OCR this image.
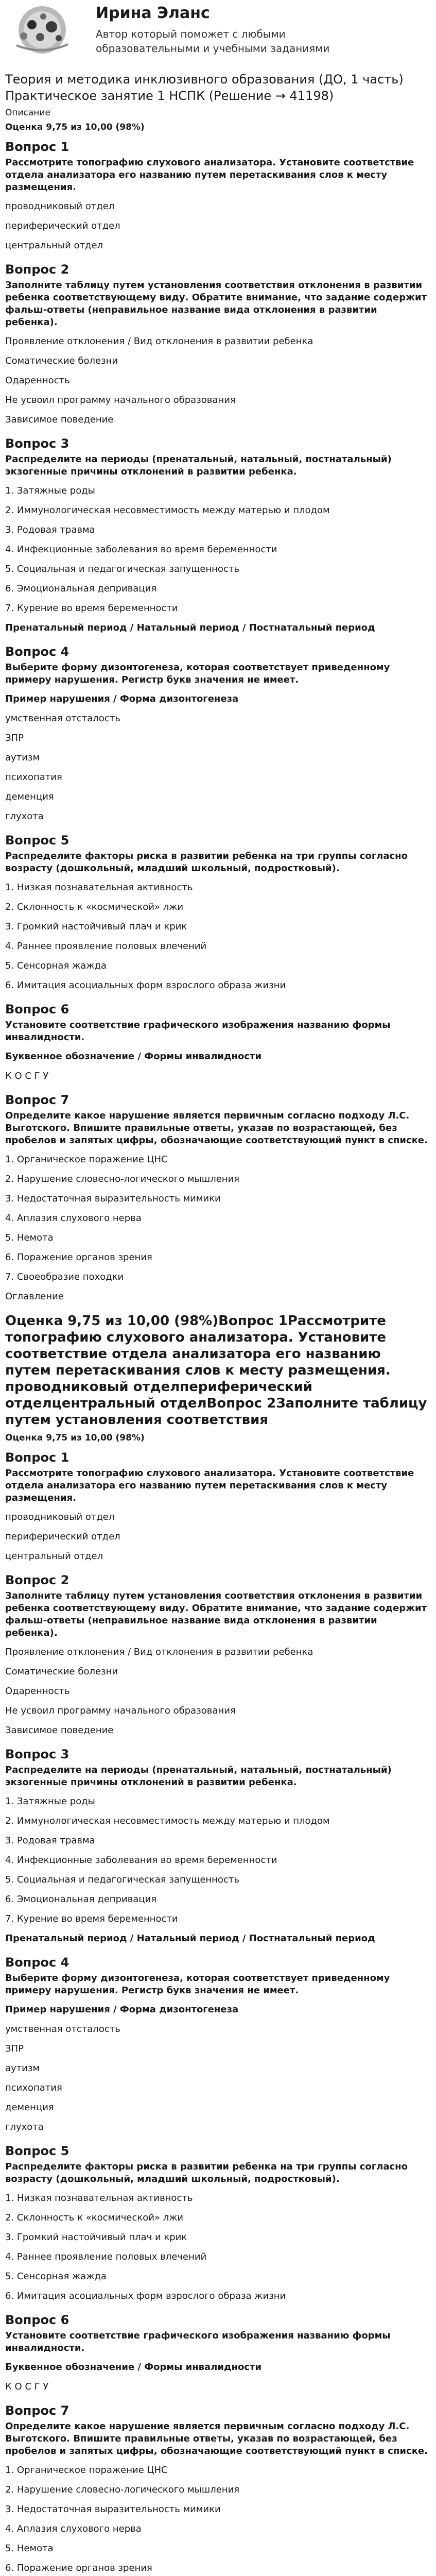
Ирина Эланс
Автор который поможет с любыми образовательными и учебными заданиями
Теория и методика инклюзивного образования (ДО, 1 часть) Практическое занятие 1 НСПК (Решение → 41198)
Описание
Оценка 9,75 из 10,00 (98%)
Вопрос 1
Рассмотрите топографию слухового анализатора. Установите соответствие отдела анализатора его названию путем перетаскивания слов к месту размещения.
проводниковый отдел
периферический отдел
центральный отдел
Вопрос 2
Заполните таблицу путем установления соответствия отклонения в развитии ребенка соответствующему виду. Обратите внимание, что задание содержит фальш-ответы (неправильное название вида отклонения в развитии ребенка).
Проявление отклонения / Вид отклонения в развитии ребенка
Соматические болезни
Одаренность
Не усвоил программу начального образования
Зависимое поведение
Вопрос 3
Распределите на периоды (пренатальный, натальный, постнатальный) экзогенные причины отклонений в развитии ребенка.
1. Затяжные роды
2. Иммунологическая несовместимость между матерью и плодом
3. Родовая травма
4. Инфекционные заболевания во время беременности
5. Социальная и педагогическая запущенность
6. Эмоциональная депривация
7. Курение во время беременности
Пренатальный период / Натальный период / Постнатальный период
Вопрос 4
Выберите форму дизонтогенеза, которая соответствует приведенному примеру нарушения. Регистр букв значения не имеет.
Пример нарушения / Форма дизонтогенеза
умственная отсталость
ЗПР
аутизм
психопатия
деменция
глухота
Вопрос 5
Распределите факторы риска в развитии ребенка на три группы согласно возрасту (дошкольный, младший школьный, подростковый).
1. Низкая познавательная активность
2. Склонность к «космической» лжи
3. Громкий настойчивый плач и крик
4. Раннее проявление половых влечений
5. Сенсорная жажда
6. Имитация асоциальных форм взрослого образа жизни
Вопрос 6
Установите соответствие графического изображения названию формы инвалидности.
Буквенное обозначение / Формы инвалидности
К О С Г У
Вопрос 7
Определите какое нарушение является первичным согласно подходу Л.С. Выготского. Впишите правильные ответы, указав по возрастающей, без пробелов и запятых цифры, обозначающие соответствующий пункт в списке.
1. Органическое поражение ЦНС
2. Нарушение словесно-логического мышления
3. Недостаточная выразительность мимики
4. Аплазия слухового нерва
5. Немота
6. Поражение органов зрения
7. Своеобразие походки
Оглавление
Оценка 9,75 из 10,00 (98%)Вопрос 1Рассмотрите топографию слухового анализатора. Установите соответствие отдела анализатора его названию путем перетаскивания слов к месту размещения. проводниковый отделпериферический отделцентральный отделВопрос 2Заполните таблицу путем установления соответствия
Оценка 9,75 из 10,00 (98%)
Вопрос 1
Рассмотрите топографию слухового анализатора. Установите соответствие отдела анализатора его названию путем перетаскивания слов к месту размещения.
проводниковый отдел
периферический отдел
центральный отдел
Вопрос 2
Заполните таблицу путем установления соответствия отклонения в развитии ребенка соответствующему виду. Обратите внимание, что задание содержит фальш-ответы (неправильное название вида отклонения в развитии ребенка).
Проявление отклонения / Вид отклонения в развитии ребенка
Соматические болезни
Одаренность
Не усвоил программу начального образования
Зависимое поведение
Вопрос 3
Распределите на периоды (пренатальный, натальный, постнатальный) экзогенные причины отклонений в развитии ребенка.
1. Затяжные роды
2. Иммунологическая несовместимость между матерью и плодом
3. Родовая травма
4. Инфекционные заболевания во время беременности
5. Социальная и педагогическая запущенность
6. Эмоциональная депривация
7. Курение во время беременности
Пренатальный период / Натальный период / Постнатальный период
Вопрос 4
Выберите форму дизонтогенеза, которая соответствует приведенному примеру нарушения. Регистр букв значения не имеет.
Пример нарушения / Форма дизонтогенеза
умственная отсталость
ЗПР
аутизм
психопатия
деменция
глухота
Вопрос 5
Распределите факторы риска в развитии ребенка на три группы согласно возрасту (дошкольный, младший школьный, подростковый).
1. Низкая познавательная активность
2. Склонность к «космической» лжи
3. Громкий настойчивый плач и крик
4. Раннее проявление половых влечений
5. Сенсорная жажда
6. Имитация асоциальных форм взрослого образа жизни
Вопрос 6
Установите соответствие графического изображения названию формы инвалидности.
Буквенное обозначение / Формы инвалидности
К О С Г У
Вопрос 7
Определите какое нарушение является первичным согласно подходу Л.С. Выготского. Впишите правильные ответы, указав по возрастающей, без пробелов и запятых цифры, обозначающие соответствующий пункт в списке.
1. Органическое поражение ЦНС
2. Нарушение словесно-логического мышления
3. Недостаточная выразительность мимики
4. Аплазия слухового нерва
5. Немота
6. Поражение органов зрения
